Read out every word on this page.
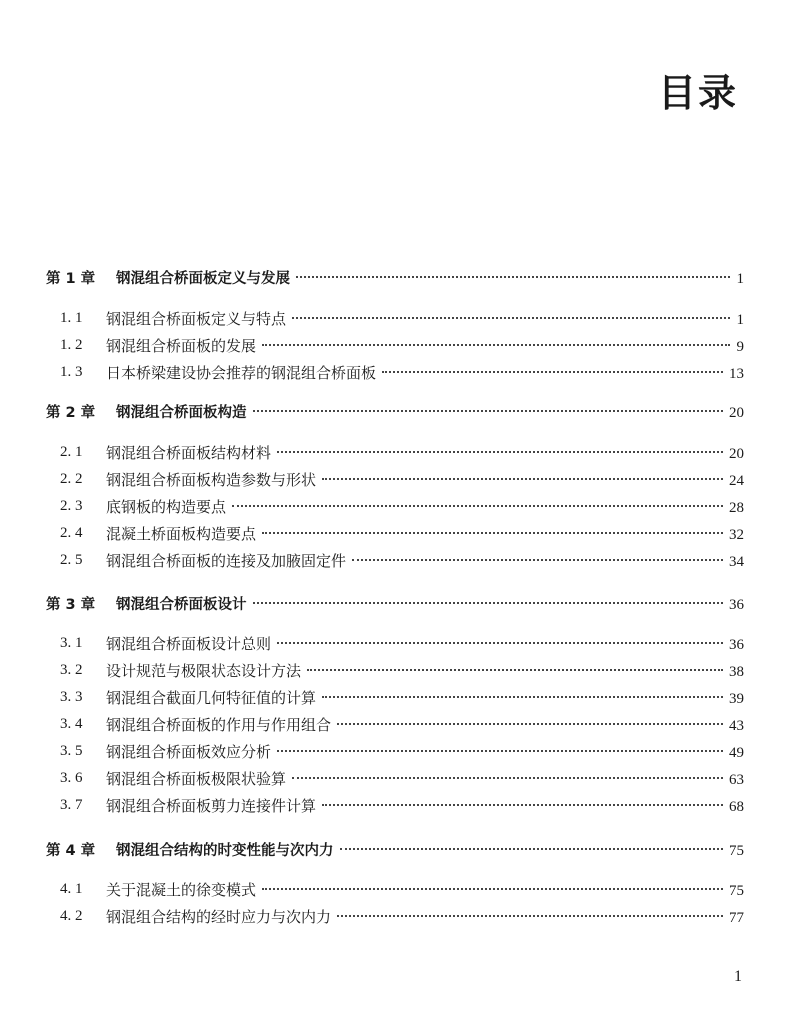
目录
第 1 章	钢混组合桥面板定义与发展	1
1. 1	钢混组合桥面板定义与特点	1
1. 2	钢混组合桥面板的发展	9
1. 3	日本桥梁建设协会推荐的钢混组合桥面板	13
第 2 章	钢混组合桥面板构造	20
2. 1	钢混组合桥面板结构材料	20
2. 2	钢混组合桥面板构造参数与形状	24
2. 3	底钢板的构造要点	28
2. 4	混凝土桥面板构造要点	32
2. 5	钢混组合桥面板的连接及加腋固定件	34
第 3 章	钢混组合桥面板设计	36
3. 1	钢混组合桥面板设计总则	36
3. 2	设计规范与极限状态设计方法	38
3. 3	钢混组合截面几何特征值的计算	39
3. 4	钢混组合桥面板的作用与作用组合	43
3. 5	钢混组合桥面板效应分析	49
3. 6	钢混组合桥面板极限状验算	63
3. 7	钢混组合桥面板剪力连接件计算	68
第 4 章	钢混组合结构的时变性能与次内力	75
4. 1	关于混凝土的徐变模式	75
4. 2	钢混组合结构的经时应力与次内力	77
1
